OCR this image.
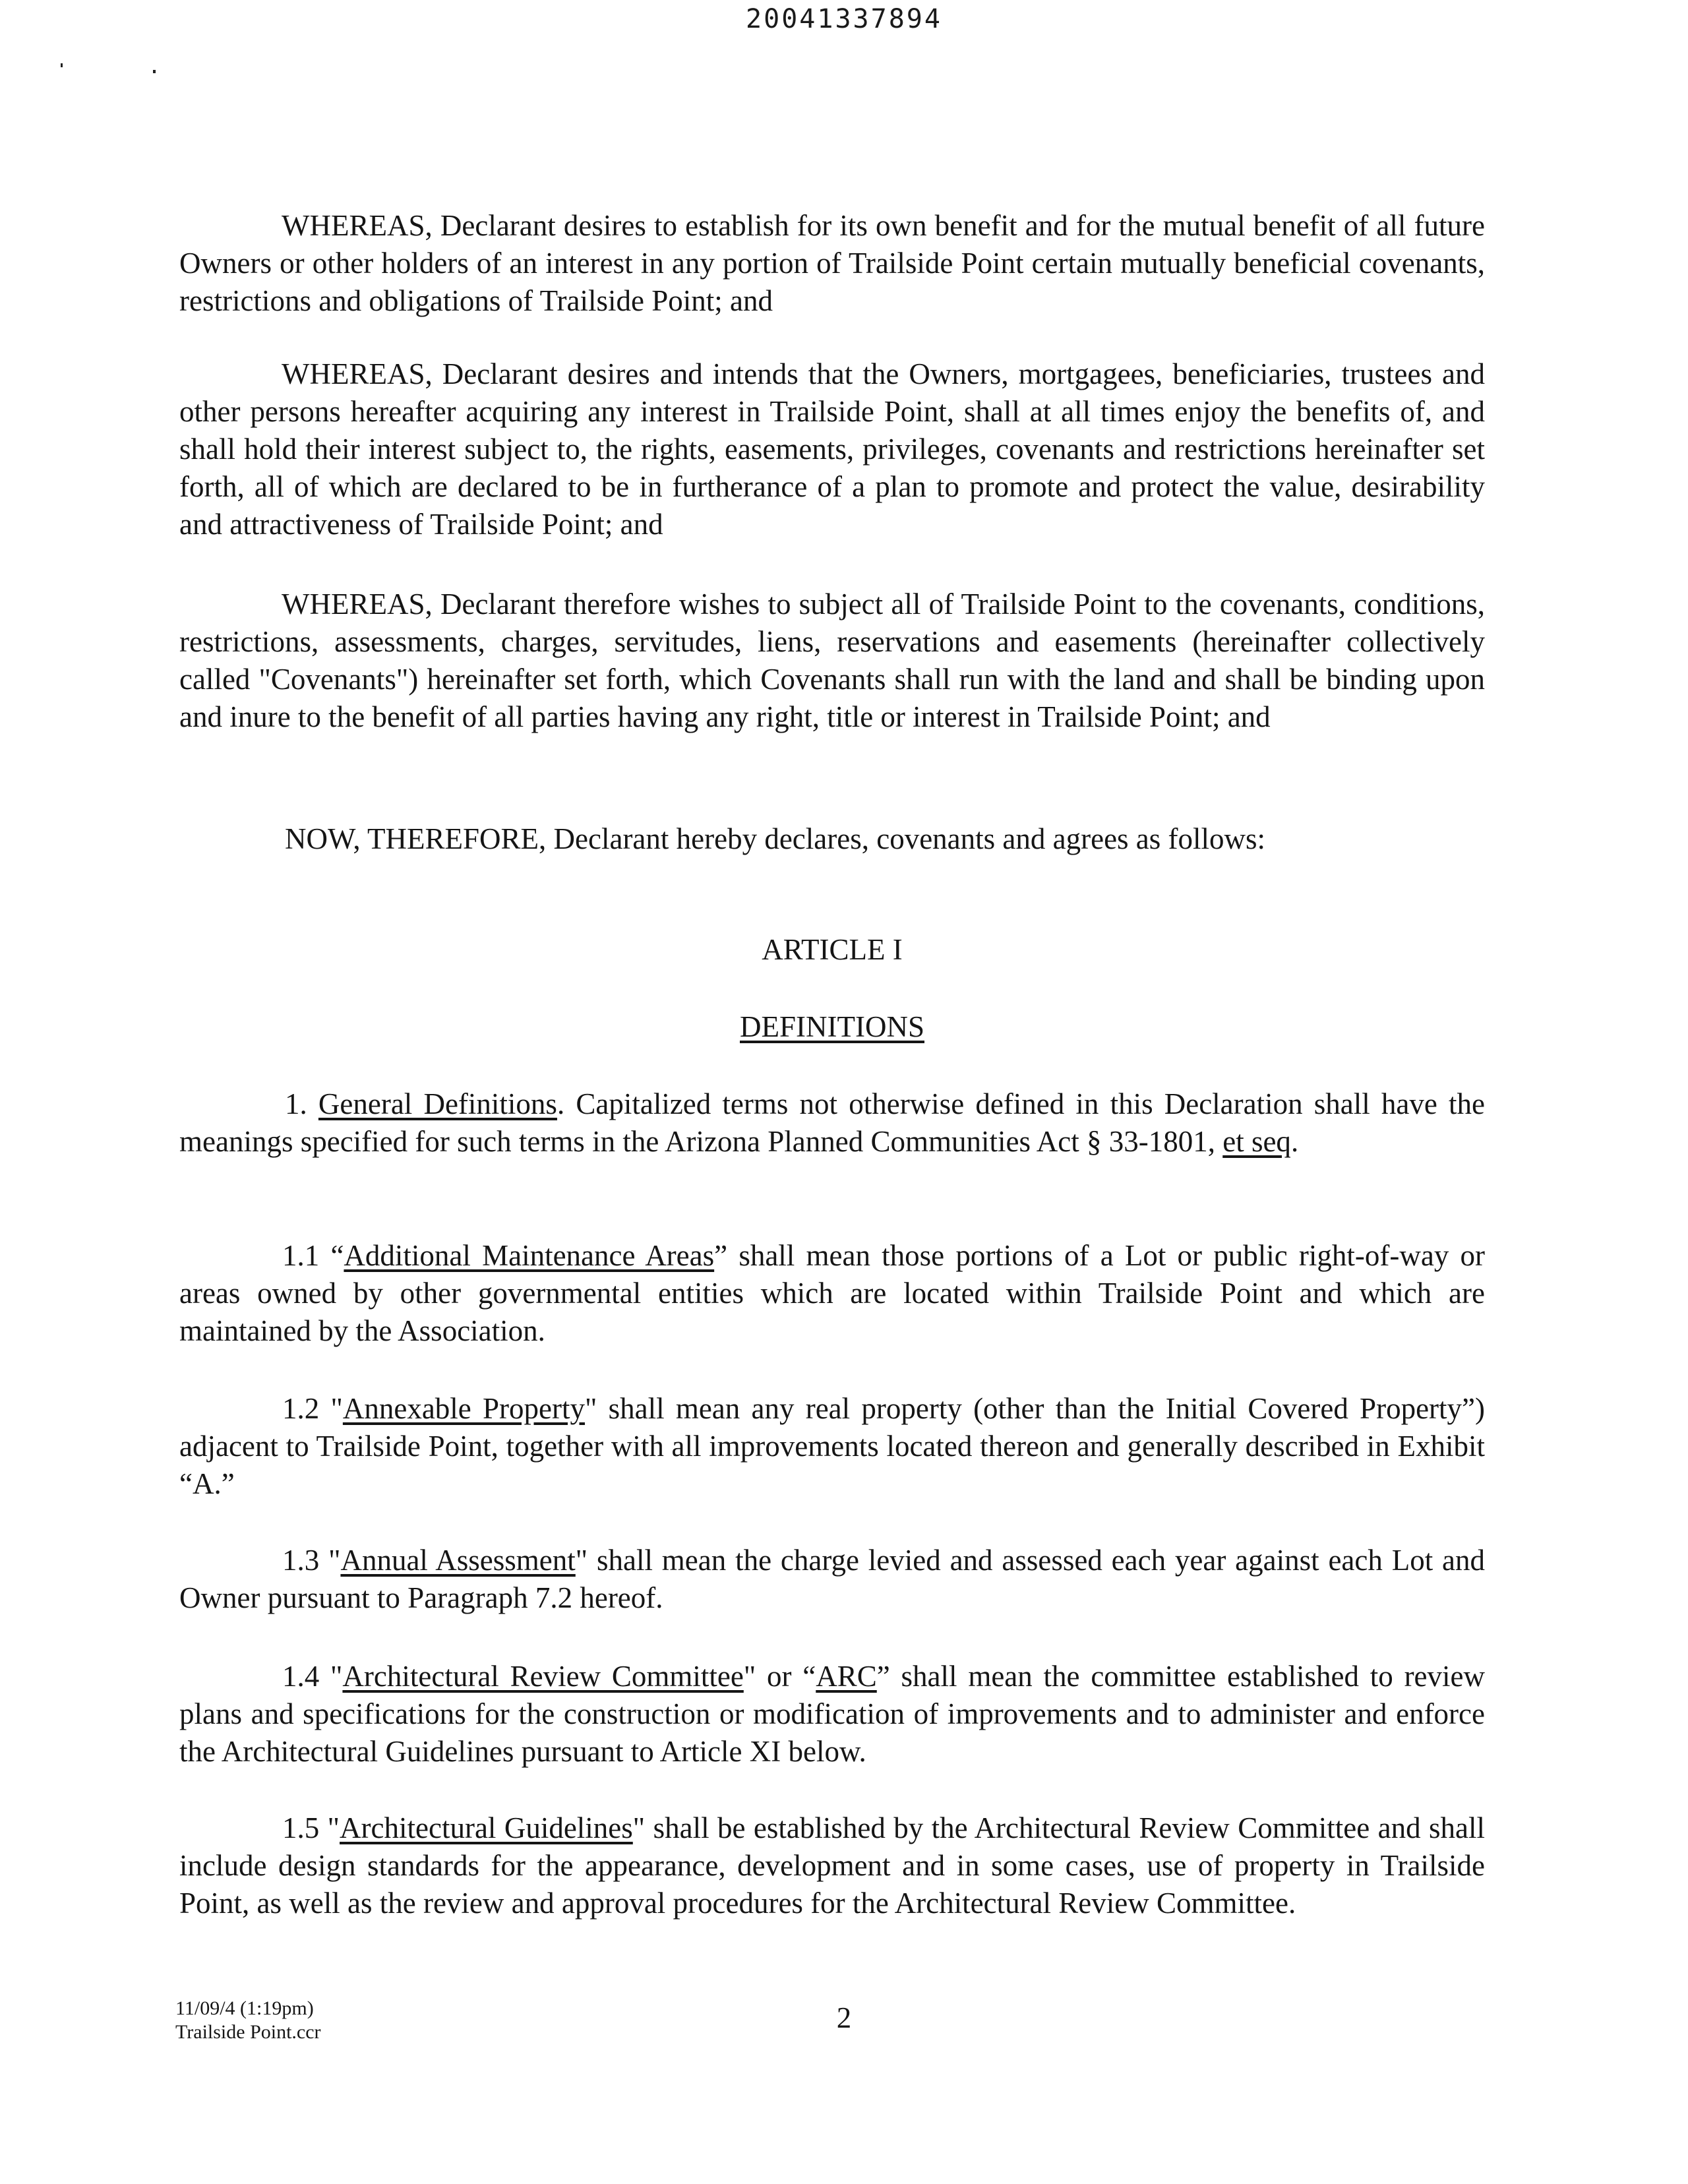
20041337894

WHEREAS, Declarant desires to establish for its own benefit and for the mutual benefit of all future Owners or other holders of an interest in any portion of Trailside Point certain mutually beneficial covenants, restrictions and obligations of Trailside Point; and

WHEREAS, Declarant desires and intends that the Owners, mortgagees, beneficiaries, trustees and other persons hereafter acquiring any interest in Trailside Point, shall at all times enjoy the benefits of, and shall hold their interest subject to, the rights, easements, privileges, covenants and restrictions hereinafter set forth, all of which are declared to be in furtherance of a plan to promote and protect the value, desirability and attractiveness of Trailside Point; and

WHEREAS, Declarant therefore wishes to subject all of Trailside Point to the covenants, conditions, restrictions, assessments, charges, servitudes, liens, reservations and easements (hereinafter collectively called "Covenants") hereinafter set forth, which Covenants shall run with the land and shall be binding upon and inure to the benefit of all parties having any right, title or interest in Trailside Point; and

NOW, THEREFORE, Declarant hereby declares, covenants and agrees as follows:

ARTICLE I

DEFINITIONS

1. General Definitions. Capitalized terms not otherwise defined in this Declaration shall have the meanings specified for such terms in the Arizona Planned Communities Act § 33-1801, et seq.

1.1 “Additional Maintenance Areas” shall mean those portions of a Lot or public right-of-way or areas owned by other governmental entities which are located within Trailside Point and which are maintained by the Association.

1.2 "Annexable Property" shall mean any real property (other than the Initial Covered Property”) adjacent to Trailside Point, together with all improvements located thereon and generally described in Exhibit “A.”

1.3 "Annual Assessment" shall mean the charge levied and assessed each year against each Lot and Owner pursuant to Paragraph 7.2 hereof.

1.4 "Architectural Review Committee" or “ARC” shall mean the committee established to review plans and specifications for the construction or modification of improvements and to administer and enforce the Architectural Guidelines pursuant to Article XI below.

1.5 "Architectural Guidelines" shall be established by the Architectural Review Committee and shall include design standards for the appearance, development and in some cases, use of property in Trailside Point, as well as the review and approval procedures for the Architectural Review Committee.

11/09/4 (1:19pm)
Trailside Point.ccr	2
